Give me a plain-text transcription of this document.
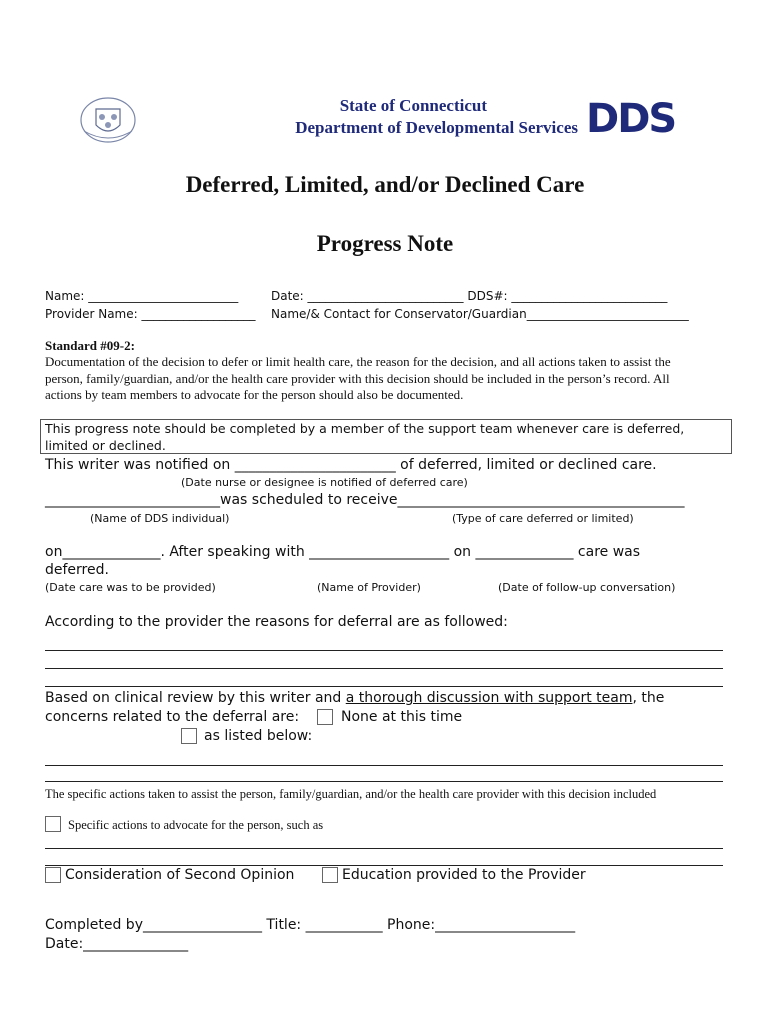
State of Connecticut
Department of Developmental Services DDS
Deferred, Limited, and/or Declined Care
Progress Note
Name: _________________________	Date: __________________________ DDS#: __________________________
Provider Name: ___________________ Name/& Contact for Conservator/Guardian___________________________
Standard #09-2:
Documentation of the decision to defer or limit health care, the reason for the decision, and all actions taken to assist the
person, family/guardian, and/or the health care provider with this decision should be included in the person’s record. All
actions by team members to advocate for the person should also be documented.
This progress note should be completed by a member of the support team whenever care is deferred,
limited or declined.
This writer was notified on _______________________ of deferred, limited or declined care.
(Date nurse or designee is notified of deferred care)
_________________________was scheduled to receive_________________________________________
(Name of DDS individual)	(Type of care deferred or limited)
on______________. After speaking with ____________________ on ______________ care was
deferred.
(Date care was to be provided)	(Name of Provider)	(Date of follow-up conversation)
According to the provider the reasons for deferral are as followed:
Based on clinical review by this writer and a thorough discussion with support team, the
concerns related to the deferral are:	None at this time
as listed below:
The specific actions taken to assist the person, family/guardian, and/or the health care provider with this decision included
Specific actions to advocate for the person, such as
Consideration of Second Opinion	Education provided to the Provider
Completed by_________________ Title: ___________ Phone:____________________
Date:_______________
